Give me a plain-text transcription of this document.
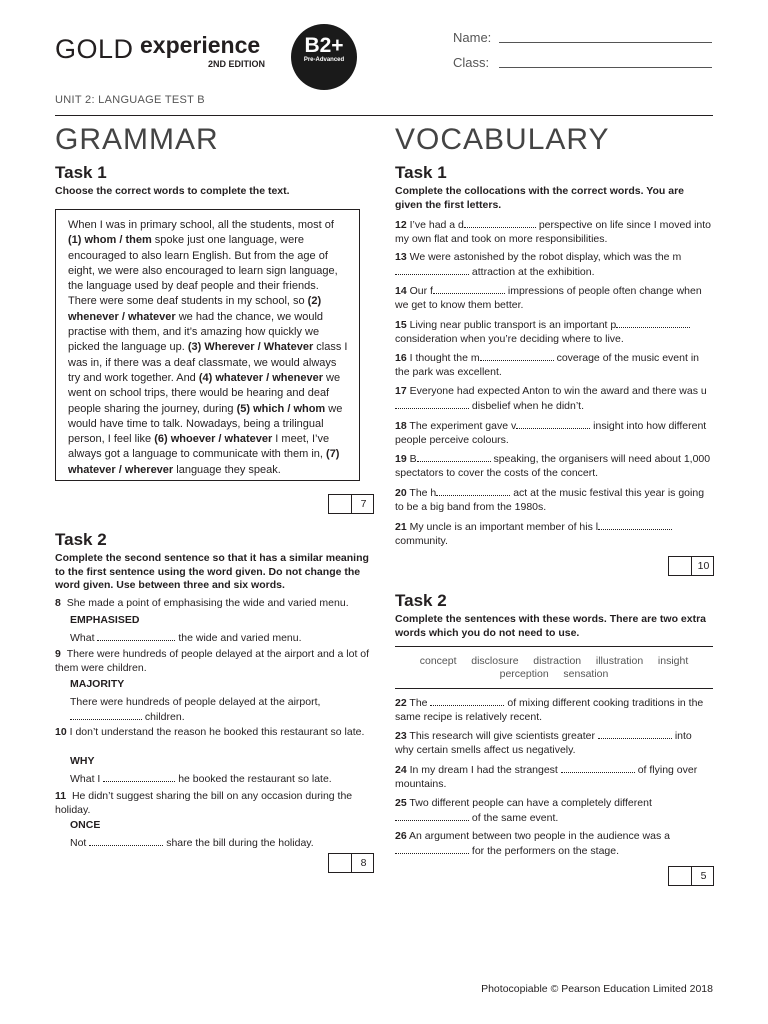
GOLD experience
2ND EDITION
B2+
Pre-Advanced
Name:
Class:
UNIT 2: LANGUAGE TEST B
GRAMMAR
Task 1
Choose the correct words to complete the text.
When I was in primary school, all the students, most of (1) whom / them spoke just one language, were encouraged to also learn English. But from the age of eight, we were also encouraged to learn sign language, the language used by deaf people and their friends. There were some deaf students in my school, so (2) whenever / whatever we had the chance, we would practise with them, and it’s amazing how quickly we picked the language up. (3) Wherever / Whatever class I was in, if there was a deaf classmate, we would always try and work together. And (4) whatever / whenever we went on school trips, there would be hearing and deaf people sharing the journey, during (5) which / whom we would have time to talk. Nowadays, being a trilingual person, I feel like (6) whoever / whatever I meet, I’ve always got a language to communicate with them in, (7) whatever / wherever language they speak.
7
Task 2
Complete the second sentence so that it has a similar meaning to the first sentence using the word given. Do not change the word given. Use between three and six words.
8 She made a point of emphasising the wide and varied menu.
EMPHASISED
What	the wide and varied menu.
9 There were hundreds of people delayed at the airport and a lot of them were children.
MAJORITY
There were hundreds of people delayed at the airport,
children.
10 I don’t understand the reason he booked this restaurant so late.
WHY
What I	he booked the restaurant so late.
11 He didn’t suggest sharing the bill on any occasion during the holiday.
ONCE
Not	share the bill during the holiday.
8
VOCABULARY
Task 1
Complete the collocations with the correct words. You are given the first letters.
12 I’ve had a d	perspective on life since I moved into my own flat and took on more responsibilities.
13 We were astonished by the robot display, which was the m attraction at the exhibition.
14 Our f	impressions of people often change when we get to know them better.
15 Living near public transport is an important p consideration when you’re deciding where to live.
16 I thought the m	coverage of the music event in the park was excellent.
17 Everyone had expected Anton to win the award and there was u disbelief when he didn’t.
18 The experiment gave v	insight into how different people perceive colours.
19 B	speaking, the organisers will need about 1,000 spectators to cover the costs of the concert.
20 The h	act at the music festival this year is going to be a big band from the 1980s.
21 My uncle is an important member of his l community.
10
Task 2
Complete the sentences with these words. There are two extra words which you do not need to use.
concept   disclosure   distraction   illustration   insight
perception   sensation
22 The	of mixing different cooking traditions in the same recipe is relatively recent.
23 This research will give scientists greater	into why certain smells affect us negatively.
24 In my dream I had the strangest	of flying over mountains.
25 Two different people can have a completely different  of the same event.
26 An argument between two people in the audience was a  for the performers on the stage.
5
Photocopiable © Pearson Education Limited 2018
